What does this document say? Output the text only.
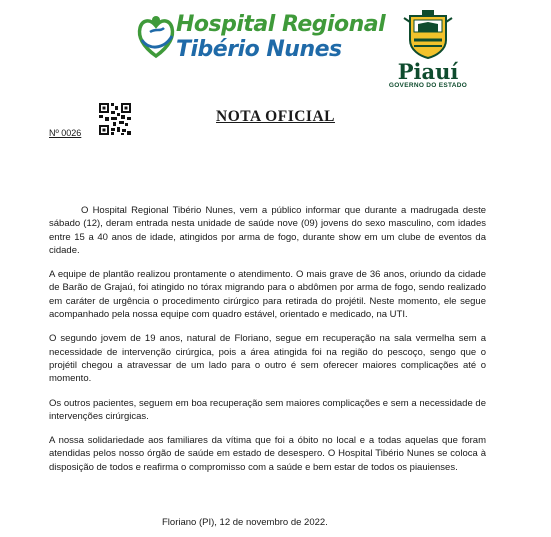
Hospital Regional
Tibério Nunes
Piauí
GOVERNO DO ESTADO
Nº 0026
NOTA OFICIAL

O Hospital Regional Tibério Nunes, vem a público informar que durante a madrugada deste sábado (12), deram entrada nesta unidade de saúde nove (09) jovens do sexo masculino, com idades entre 15 a 40 anos de idade, atingidos por arma de fogo, durante show em um clube de eventos da cidade.

A equipe de plantão realizou prontamente o atendimento. O mais grave de 36 anos, oriundo da cidade de Barão de Grajaú, foi atingido no tórax migrando para o abdômen por arma de fogo, sendo realizado em caráter de urgência o procedimento cirúrgico para retirada do projétil. Neste momento, ele segue acompanhado pela nossa equipe com quadro estável, orientado e medicado, na UTI.

O segundo jovem de 19 anos, natural de Floriano, segue em recuperação na sala vermelha sem a necessidade de intervenção cirúrgica, pois a área atingida foi na região do pescoço, sengo que o projétil chegou a atravessar de um lado para o outro é sem oferecer maiores complicações até o momento.

Os outros pacientes, seguem em boa recuperação sem maiores complicações e sem a necessidade de intervenções cirúrgicas.

A nossa solidariedade aos familiares da vítima que foi a óbito no local e a todas aquelas que foram atendidas pelos nosso órgão de saúde em estado de desespero. O Hospital Tibério Nunes se coloca à disposição de todos e reafirma o compromisso com a saúde e bem estar de todos os piauienses.

Floriano (PI), 12 de novembro de 2022.
